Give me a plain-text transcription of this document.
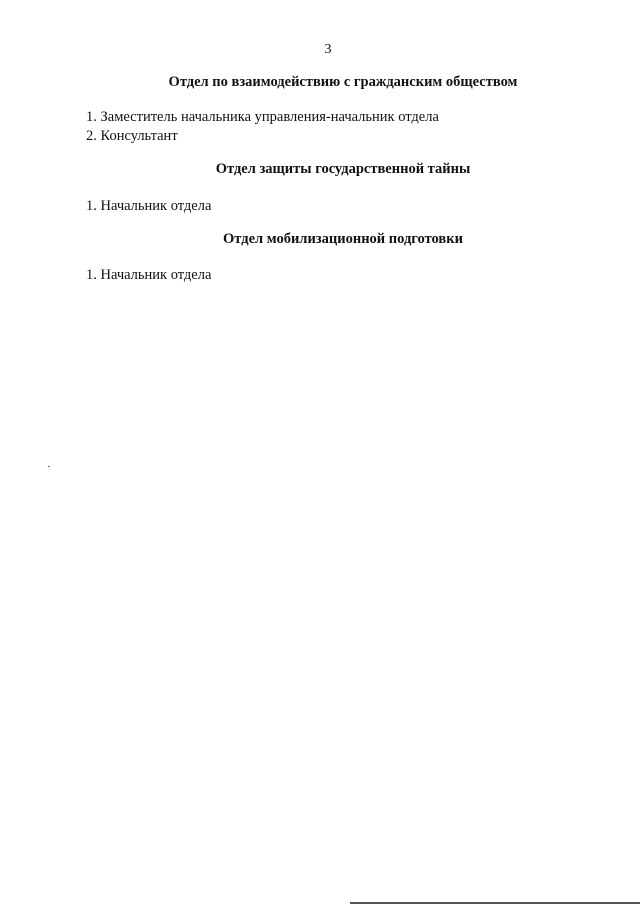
3
Отдел по взаимодействию с гражданским обществом
1. Заместитель начальника управления-начальник отдела
2. Консультант
Отдел защиты государственной тайны
1. Начальник отдела
Отдел мобилизационной подготовки
1. Начальник отдела
